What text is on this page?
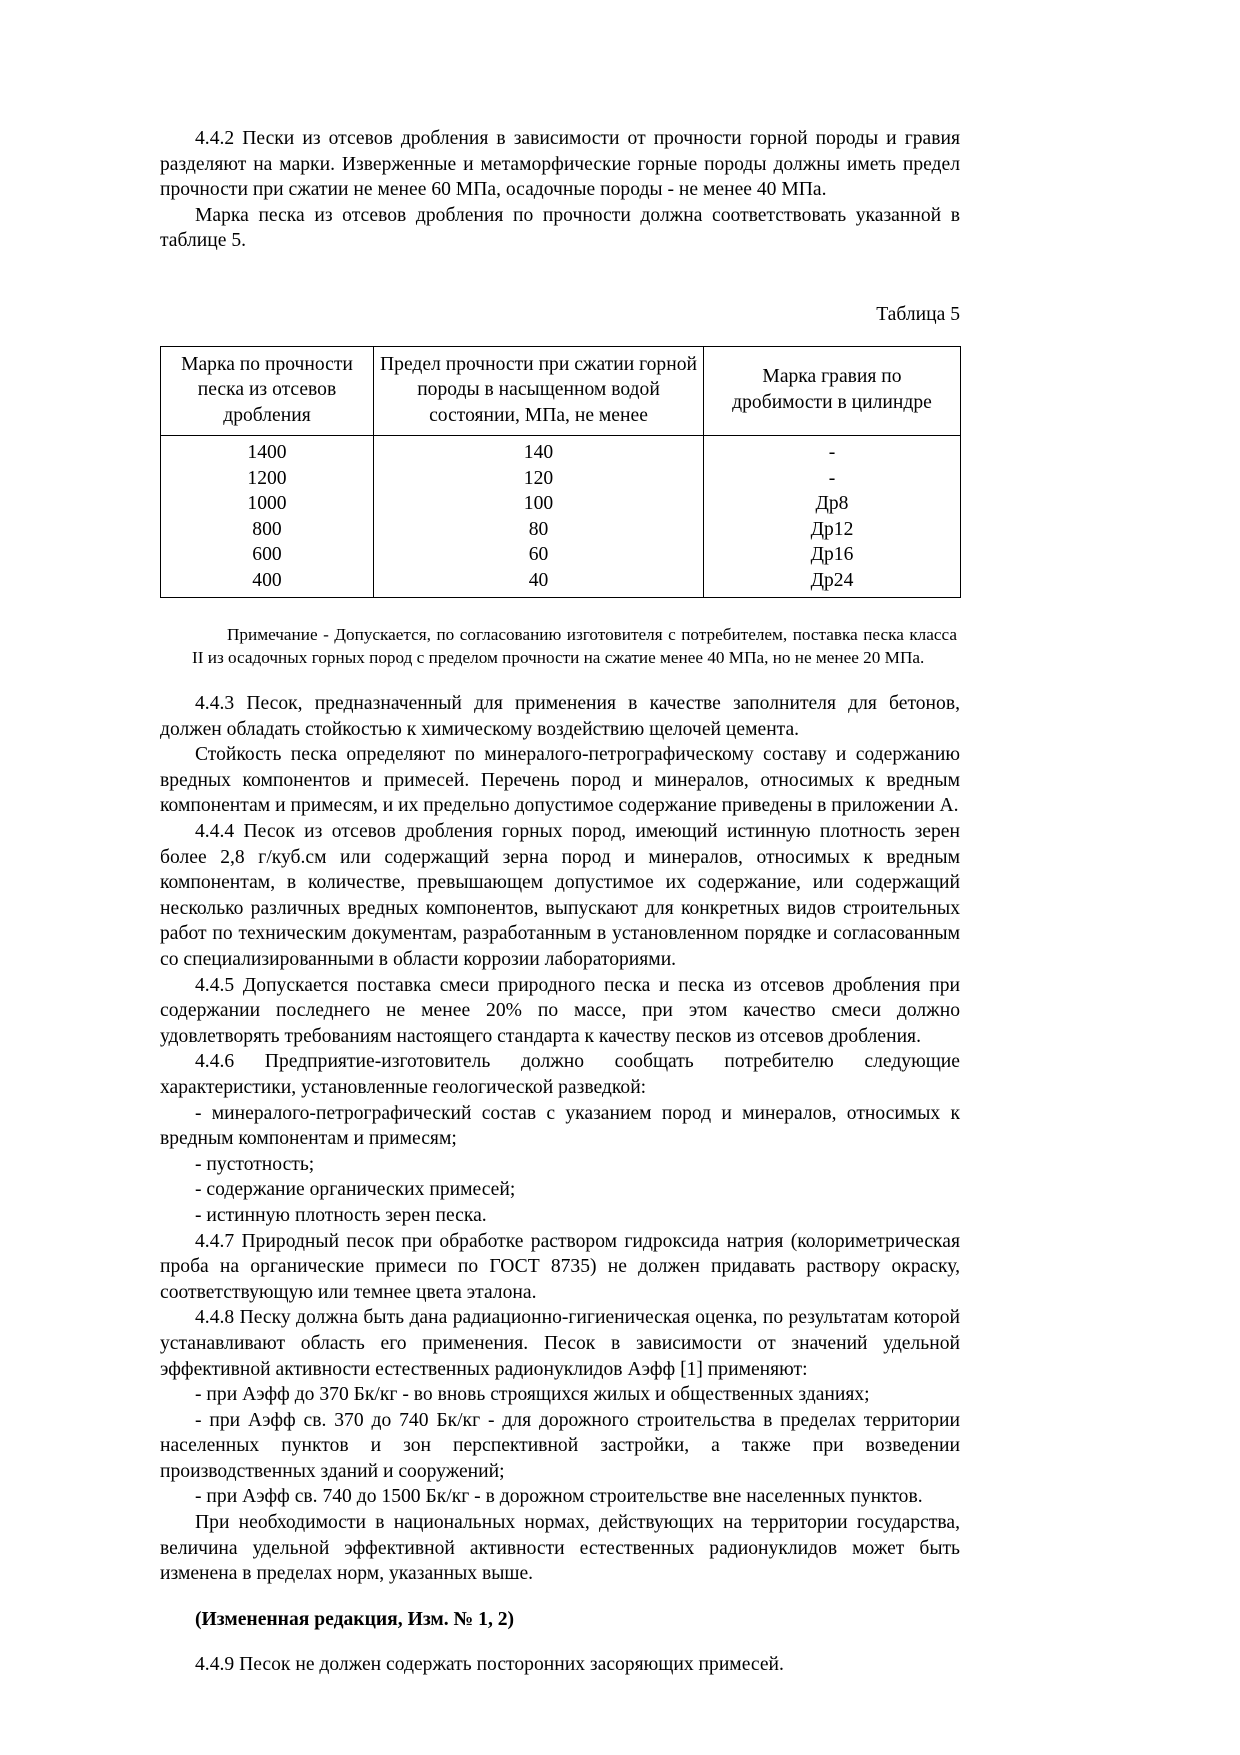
4.4.2 Пески из отсевов дробления в зависимости от прочности горной породы и гравия разделяют на марки. Изверженные и метаморфические горные породы должны иметь предел прочности при сжатии не менее 60 МПа, осадочные породы - не менее 40 МПа.

Марка песка из отсевов дробления по прочности должна соответствовать указанной в таблице 5.

Таблица 5
Марка по прочности песка из отсевов дробления	Предел прочности при сжатии горной породы в насыщенном водой состоянии, МПа, не менее	Марка гравия по дробимости в цилиндре
1400	140	-
1200	120	-
1000	100	Др8
800	80	Др12
600	60	Др16
400	40	Др24
Примечание - Допускается, по согласованию изготовителя с потребителем, поставка песка класса II из осадочных горных пород с пределом прочности на сжатие менее 40 МПа, но не менее 20 МПа.

4.4.3 Песок, предназначенный для применения в качестве заполнителя для бетонов, должен обладать стойкостью к химическому воздействию щелочей цемента.

Стойкость песка определяют по минералого-петрографическому составу и содержанию вредных компонентов и примесей. Перечень пород и минералов, относимых к вредным компонентам и примесям, и их предельно допустимое содержание приведены в приложении А.

4.4.4 Песок из отсевов дробления горных пород, имеющий истинную плотность зерен более 2,8 г/куб.см или содержащий зерна пород и минералов, относимых к вредным компонентам, в количестве, превышающем допустимое их содержание, или содержащий несколько различных вредных компонентов, выпускают для конкретных видов строительных работ по техническим документам, разработанным в установленном порядке и согласованным со специализированными в области коррозии лабораториями.

4.4.5 Допускается поставка смеси природного песка и песка из отсевов дробления при содержании последнего не менее 20% по массе, при этом качество смеси должно удовлетворять требованиям настоящего стандарта к качеству песков из отсевов дробления.

4.4.6 Предприятие-изготовитель должно сообщать потребителю следующие характеристики, установленные геологической разведкой:

- минералого-петрографический состав с указанием пород и минералов, относимых к вредным компонентам и примесям;

- пустотность;

- содержание органических примесей;

- истинную плотность зерен песка.

4.4.7 Природный песок при обработке раствором гидроксида натрия (колориметрическая проба на органические примеси по ГОСТ 8735) не должен придавать раствору окраску, соответствующую или темнее цвета эталона.

4.4.8 Песку должна быть дана радиационно-гигиеническая оценка, по результатам которой устанавливают область его применения. Песок в зависимости от значений удельной эффективной активности естественных радионуклидов Аэфф [1] применяют:

- при Аэфф до 370 Бк/кг - во вновь строящихся жилых и общественных зданиях;

- при Аэфф св. 370 до 740 Бк/кг - для дорожного строительства в пределах территории населенных пунктов и зон перспективной застройки, а также при возведении производственных зданий и сооружений;

- при Аэфф св. 740 до 1500 Бк/кг - в дорожном строительстве вне населенных пунктов.

При необходимости в национальных нормах, действующих на территории государства, величина удельной эффективной активности естественных радионуклидов может быть изменена в пределах норм, указанных выше.

(Измененная редакция, Изм. № 1, 2)

4.4.9 Песок не должен содержать посторонних засоряющих примесей.
